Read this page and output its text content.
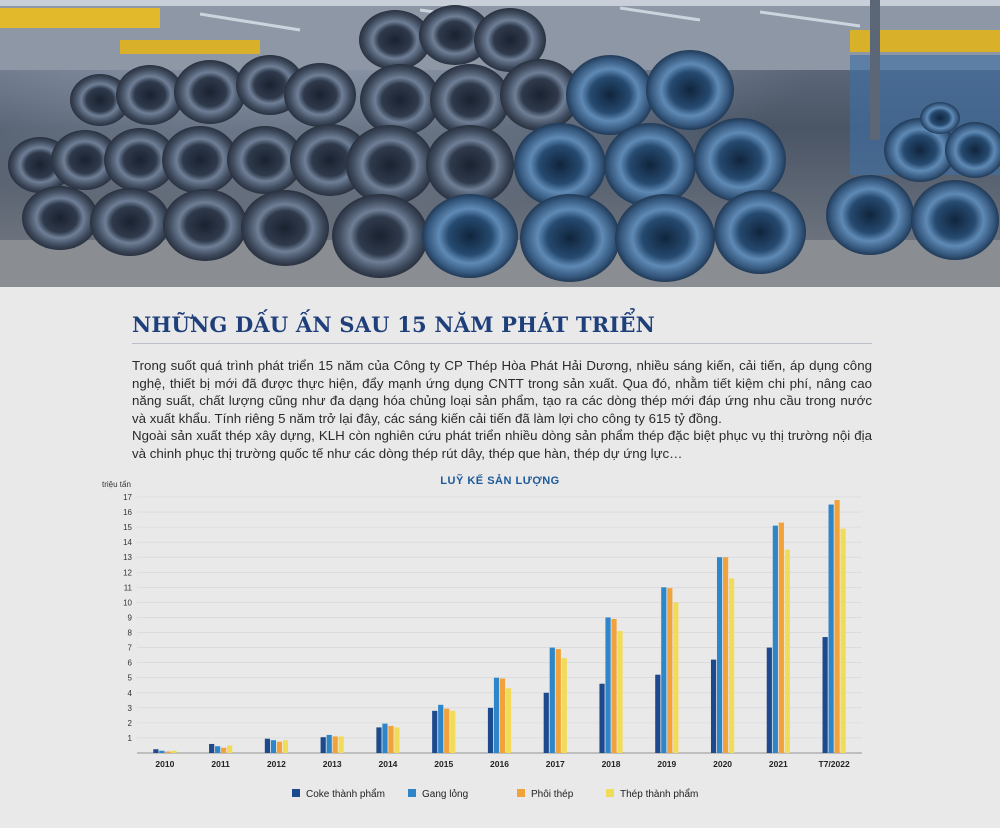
NHỮNG DẤU ẤN SAU 15 NĂM PHÁT TRIỂN

Trong suốt quá trình phát triển 15 năm của Công ty CP Thép Hòa Phát Hải Dương, nhiều sáng kiến, cải tiến, áp dụng công nghệ, thiết bị mới đã được thực hiện, đẩy mạnh ứng dụng CNTT trong sản xuất. Qua đó, nhằm tiết kiệm chi phí, nâng cao năng suất, chất lượng cũng như đa dạng hóa chủng loại sản phẩm, tạo ra các dòng thép mới đáp ứng nhu cầu trong nước và xuất khẩu. Tính riêng 5 năm trở lại đây, các sáng kiến cải tiến đã làm lợi cho công ty 615 tỷ đồng.

Ngoài sản xuất thép xây dựng, KLH còn nghiên cứu phát triển nhiều dòng sản phẩm thép đặc biệt phục vụ thị trường nội địa và chinh phục thị trường quốc tế như các dòng thép rút dây, thép que hàn, thép dự ứng lực…

LUỸ KẾ SẢN LƯỢNG
triệu tấn
1
2
3
4
5
6
7
8
9
10
11
12
13
14
15
16
17
2010	2011	2012	2013	2014	2015	2016	2017	2018	2019	2020	2021	T7/2022
Coke thành phẩm	Gang lỏng	Phôi thép	Thép thành phẩm
